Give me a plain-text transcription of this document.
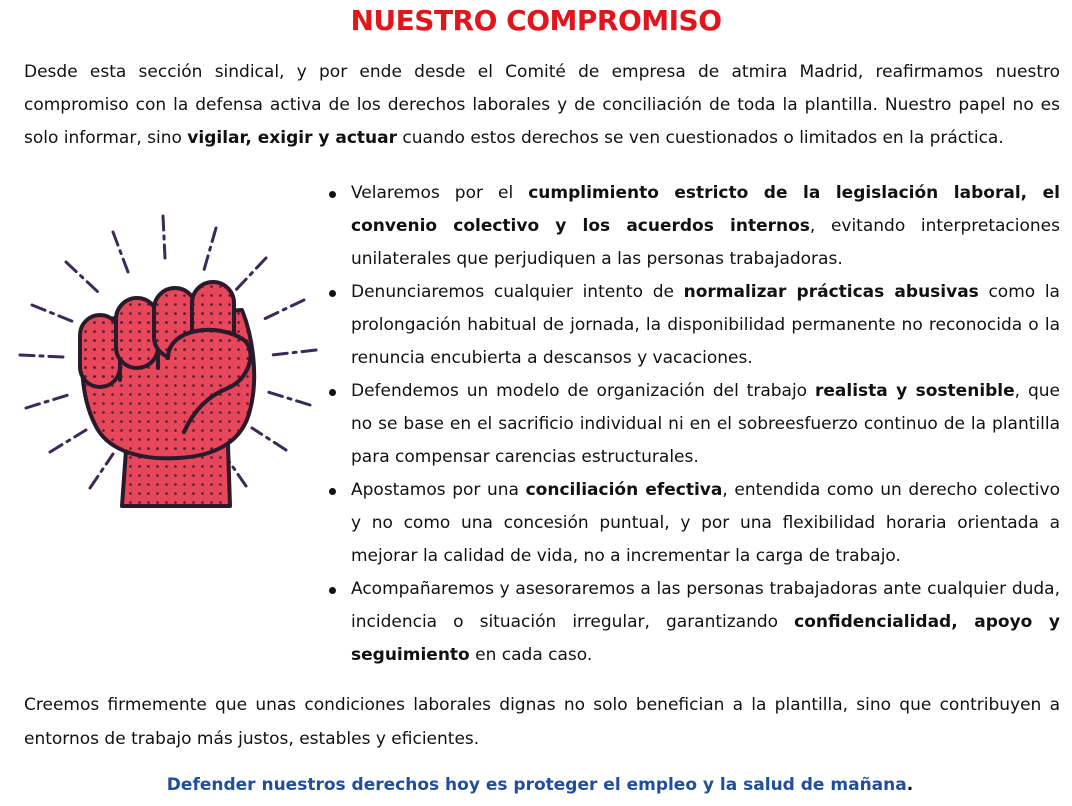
NUESTRO COMPROMISO
Desde esta sección sindical, y por ende desde el Comité de empresa de atmira Madrid, reafirmamos nuestro compromiso con la defensa activa de los derechos laborales y de conciliación de toda la plantilla. Nuestro papel no es solo informar, sino vigilar, exigir y actuar cuando estos derechos se ven cuestionados o limitados en la práctica.
Velaremos por el cumplimiento estricto de la legislación laboral, el convenio colectivo y los acuerdos internos, evitando interpretaciones unilaterales que perjudiquen a las personas trabajadoras.
Denunciaremos cualquier intento de normalizar prácticas abusivas como la prolongación habitual de jornada, la disponibilidad permanente no reconocida o la renuncia encubierta a descansos y vacaciones.
Defendemos un modelo de organización del trabajo realista y sostenible, que no se base en el sacrificio individual ni en el sobreesfuerzo continuo de la plantilla para compensar carencias estructurales.
Apostamos por una conciliación efectiva, entendida como un derecho colectivo y no como una concesión puntual, y por una flexibilidad horaria orientada a mejorar la calidad de vida, no a incrementar la carga de trabajo.
Acompañaremos y asesoraremos a las personas trabajadoras ante cualquier duda, incidencia o situación irregular, garantizando confidencialidad, apoyo y seguimiento en cada caso.
Creemos firmemente que unas condiciones laborales dignas no solo benefician a la plantilla, sino que contribuyen a entornos de trabajo más justos, estables y eficientes.
Defender nuestros derechos hoy es proteger el empleo y la salud de mañana.
